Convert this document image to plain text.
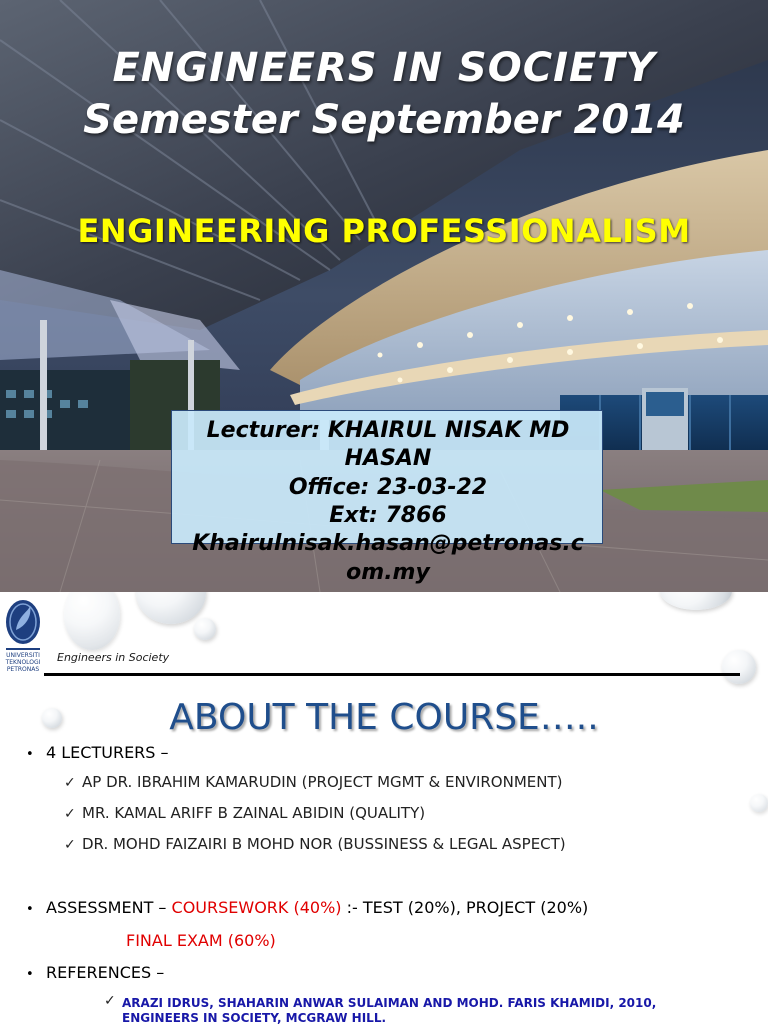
ENGINEERS IN SOCIETY
Semester September 2014
ENGINEERING PROFESSIONALISM
Lecturer: KHAIRUL NISAK MD
HASAN
Office: 23-03-22
Ext: 7866
Khairulnisak.hasan@petronas.c
om.my
UNIVERSITI
TEKNOLOGI
PETRONAS
Engineers in Society
ABOUT THE COURSE…..
• 4 LECTURERS –
✓ AP DR. IBRAHIM KAMARUDIN (PROJECT MGMT & ENVIRONMENT)
✓ MR. KAMAL ARIFF B ZAINAL ABIDIN (QUALITY)
✓ DR. MOHD FAIZAIRI B MOHD NOR (BUSSINESS & LEGAL ASPECT)
• ASSESSMENT – COURSEWORK (40%) :- TEST (20%), PROJECT (20%)
FINAL EXAM (60%)
• REFERENCES –
✓ ARAZI IDRUS, SHAHARIN ANWAR SULAIMAN AND MOHD. FARIS KHAMIDI, 2010,
ENGINEERS IN SOCIETY, MCGRAW HILL.
